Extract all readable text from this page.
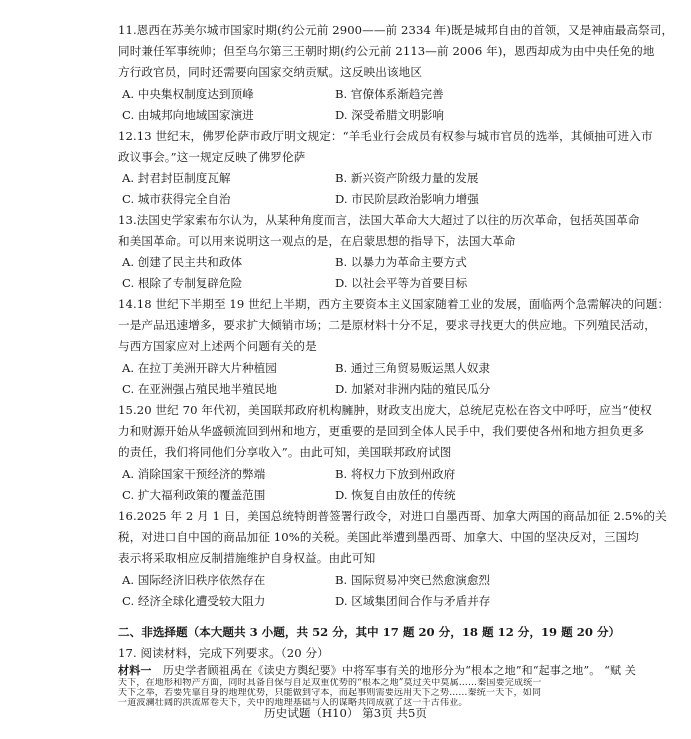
11.恩西在苏美尔城市国家时期(约公元前 2900——前 2334 年)既是城邦自由的首领，又是神庙最高祭司，

同时兼任军事统帅；但至乌尔第三王朝时期(约公元前 2113—前 2006 年)，恩西却成为由中央任免的地

方行政官员，同时还需要向国家交纳贡赋。这反映出该地区

A. 中央集权制度达到顶峰	B. 官僚体系渐趋完善
C. 由城邦向地域国家演进	D. 深受希腊文明影响

12.13 世纪末，佛罗伦萨市政厅明文规定：“羊毛业行会成员有权参与城市官员的选举，其倾抽可进入市

政议事会。”这一规定反映了佛罗伦萨

A. 封君封臣制度瓦解	B. 新兴资产阶级力量的发展
C. 城市获得完全自治	D. 市民阶层政治影响力增强

13.法国史学家索布尔认为，从某种角度而言，法国大革命大大超过了以往的历次革命，包括英国革命

和美国革命。可以用来说明这一观点的是，在启蒙思想的指导下，法国大革命

A. 创建了民主共和政体	B. 以暴力为革命主要方式
C. 根除了专制复辟危险	D. 以社会平等为首要目标

14.18 世纪下半期至 19 世纪上半期，西方主要资本主义国家随着工业的发展，面临两个急需解决的问题：

一是产品迅速增多，要求扩大倾销市场；二是原材料十分不足，要求寻找更大的供应地。下列殖民活动，

与西方国家应对上述两个问题有关的是

A. 在拉丁美洲开辟大片种植园	B. 通过三角贸易贩运黑人奴隶
C. 在亚洲强占殖民地半殖民地	D. 加紧对非洲内陆的殖民瓜分

15.20 世纪 70 年代初，美国联邦政府机构臃肿，财政支出庞大，总统尼克松在咨文中呼吁，应当“使权

力和财源开始从华盛顿流回到州和地方，更重要的是回到全体人民手中，我们要使各州和地方担负更多

的责任，我们将同他们分享收入”。由此可知，美国联邦政府试图

A. 消除国家干预经济的弊端	B. 将权力下放到州政府
C. 扩大福利政策的覆盖范围	D. 恢复自由放任的传统

16.2025 年 2 月 1 日，美国总统特朗普签署行政令，对进口自墨西哥、加拿大两国的商品加征 2.5%的关

税，对进口自中国的商品加征 10%的关税。美国此举遭到墨西哥、加拿大、中国的坚决反对，三国均

表示将采取相应反制措施维护自身权益。由此可知

A. 国际经济旧秩序依然存在	B. 国际贸易冲突已然愈演愈烈
C. 经济全球化遭受较大阻力	D. 区域集团间合作与矛盾并存
二、非选择题（本大题共 3 小题，共 52 分，其中 17 题 20 分，18 题 12 分，19 题 20 分）
17. 阅读材料，完成下列要求。（20 分）
材料一　 历史学者顾祖禹在《读史方舆纪要》中将军事有关的地形分为“根本之地”和“起事之地”。 “赋 关
天下，在地形和物产方面，同时具备自保与自足双重优势的“根本之地”莫过关中莫属……秦国要完成统一
天下之举，若要凭靠自身的地理优势，只能做到守本，而起事则需要远用天下之势……秦统一天下，如同
一道波澜壮阔的洪流席卷天下，关中的地理基础与人的谋略共同成就了这一千古伟业。
历史试题（H10） 第3页 共5页
